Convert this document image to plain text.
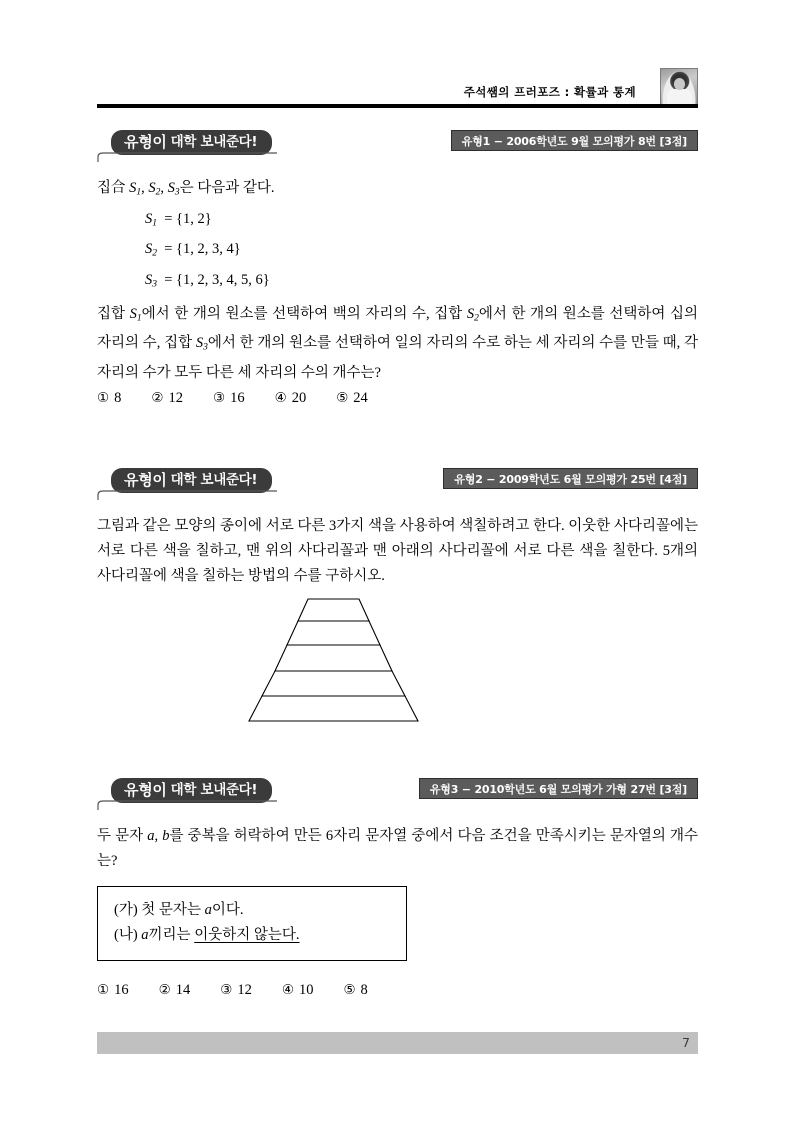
주석쌤의 프러포즈 : 확률과 통계
유형이 대학 보내준다!	유형1 − 2006학년도 9월 모의평가 8번 [3점]
집合 $S_1$, $S_2$, $S_3$은 다음과 같다.
$S_1 = \{1$, 2}
$S_2 = \{1$, 2, 3, 4}
$S_3 = \{1$, 2, 3, 4, 5, 6}
집합 $S_1$에서 한 개의 원소를 선택하여 백의 자리의 수, 집합 $S_2$에서 한 개의 원소를 선택하여 십의 자리의 수, 집합 $S_3$에서 한 개의 원소를 선택하여 일의 자리의 수로 하는 세 자리의 수를 만들 때, 각 자리의 수가 모두 다른 세 자리의 수의 개수는?
① 8 ② 12 ③ 16 ④ 20 ⑤ 24
유형이 대학 보내준다!	유형2 − 2009학년도 6월 모의평가 25번 [4점]
그림과 같은 모양의 종이에 서로 다른 3가지 색을 사용하여 색칠하려고 한다. 이웃한 사다리꼴에는 서로 다른 색을 칠하고, 맨 위의 사다리꼴과 맨 아래의 사다리꼴에 서로 다른 색을 칠한다. 5개의 사다리꼴에 색을 칠하는 방법의 수를 구하시오.
유형이 대학 보내준다!	유형3 − 2010학년도 6월 모의평가 가형 27번 [3점]
두 문자 a, b를 중복을 허락하여 만든 6자리 문자열 중에서 다음 조건을 만족시키는 문자열의 개수는?
(가) 첫 문자는 a이다.
(나) a끼리는 이웃하지 않는다.
① 16 ② 14 ③ 12 ④ 10 ⑤ 8
7
